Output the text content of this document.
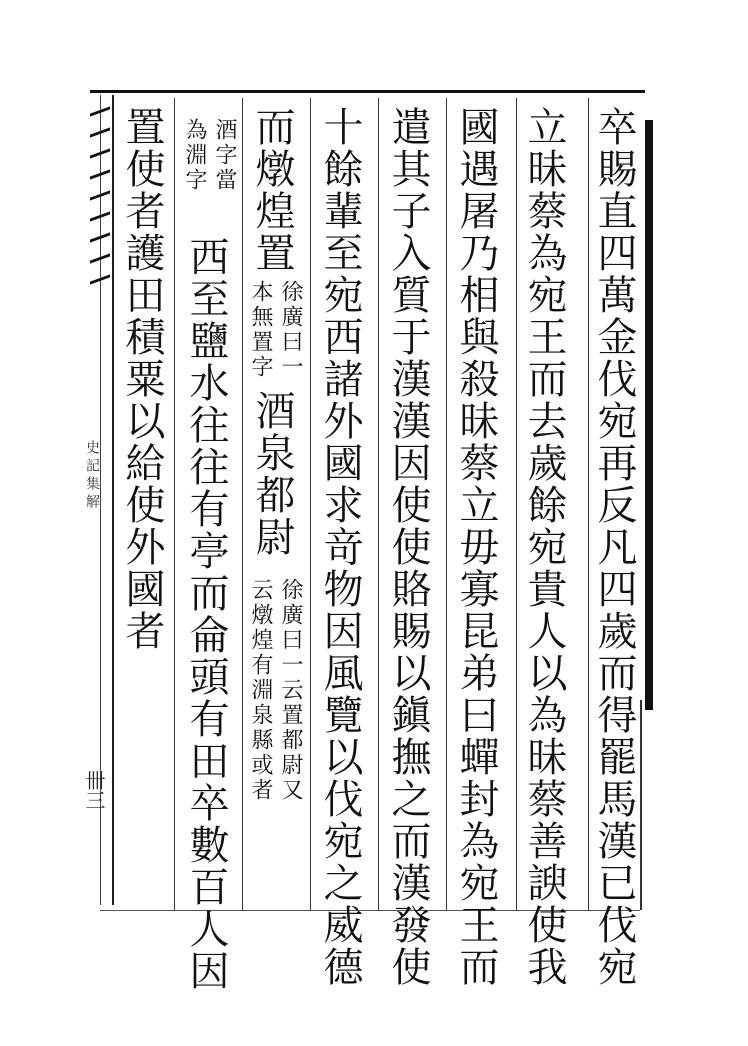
史記集解
卌三	卒賜直四萬金伐宛再反凡四歲而得罷馬漢已伐宛
立昧蔡為宛王而去歲餘宛貴人以為昧蔡善諛使我
國遇屠乃相與殺昧蔡立毋寡昆弟曰蟬封為宛王而
遣其子入質于漢漢因使使賂賜以鎭撫之而漢發使
十餘輩至宛西諸外國求竒物因風覽以伐宛之威德
而燉煌置
徐廣曰一
本無置字
酒泉都尉
徐廣曰一云置都尉又
云燉煌有淵泉縣或者
酒字當
為淵字
西至鹽水往往有亭而侖頭有田卒數百人因
置使者護田積粟以給使外國者
